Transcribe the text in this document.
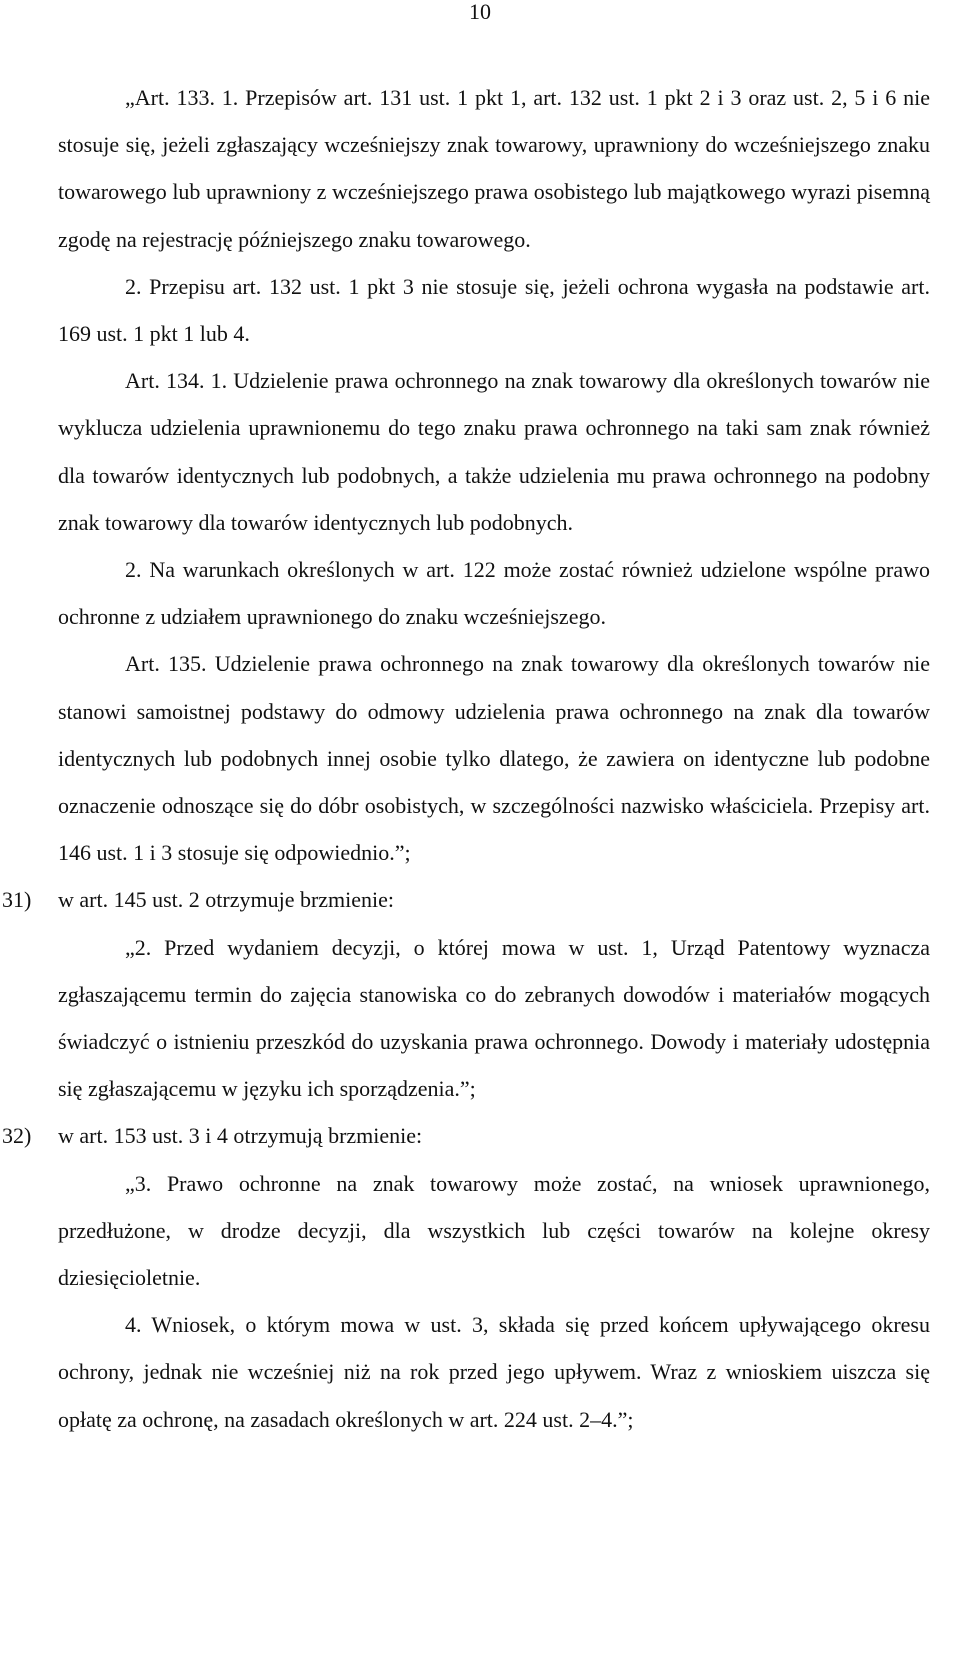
10

„Art. 133. 1. Przepisów art. 131 ust. 1 pkt 1, art. 132 ust. 1 pkt 2 i 3 oraz ust. 2, 5 i 6 nie stosuje się, jeżeli zgłaszający wcześniejszy znak towarowy, uprawniony do wcześniejszego znaku towarowego lub uprawniony z wcześniejszego prawa osobistego lub majątkowego wyrazi pisemną zgodę na rejestrację późniejszego znaku towarowego.

2. Przepisu art. 132 ust. 1 pkt 3 nie stosuje się, jeżeli ochrona wygasła na podstawie art. 169 ust. 1 pkt 1 lub 4.

Art. 134. 1. Udzielenie prawa ochronnego na znak towarowy dla określonych towarów nie wyklucza udzielenia uprawnionemu do tego znaku prawa ochronnego na taki sam znak również dla towarów identycznych lub podobnych, a także udzielenia mu prawa ochronnego na podobny znak towarowy dla towarów identycznych lub podobnych.

2. Na warunkach określonych w art. 122 może zostać również udzielone wspólne prawo ochronne z udziałem uprawnionego do znaku wcześniejszego.

Art. 135. Udzielenie prawa ochronnego na znak towarowy dla określonych towarów nie stanowi samoistnej podstawy do odmowy udzielenia prawa ochronnego na znak dla towarów identycznych lub podobnych innej osobie tylko dlatego, że zawiera on identyczne lub podobne oznaczenie odnoszące się do dóbr osobistych, w szczególności nazwisko właściciela. Przepisy art. 146 ust. 1 i 3 stosuje się odpowiednio.”;

31) w art. 145 ust. 2 otrzymuje brzmienie:

„2. Przed wydaniem decyzji, o której mowa w ust. 1, Urząd Patentowy wyznacza zgłaszającemu termin do zajęcia stanowiska co do zebranych dowodów i materiałów mogących świadczyć o istnieniu przeszkód do uzyskania prawa ochronnego. Dowody i materiały udostępnia się zgłaszającemu w języku ich sporządzenia.”;

32) w art. 153 ust. 3 i 4 otrzymują brzmienie:

„3. Prawo ochronne na znak towarowy może zostać, na wniosek uprawnionego, przedłużone, w drodze decyzji, dla wszystkich lub części towarów na kolejne okresy dziesięcioletnie.

4. Wniosek, o którym mowa w ust. 3, składa się przed końcem upływającego okresu ochrony, jednak nie wcześniej niż na rok przed jego upływem. Wraz z wnioskiem uiszcza się opłatę za ochronę, na zasadach określonych w art. 224 ust. 2–4.”;
